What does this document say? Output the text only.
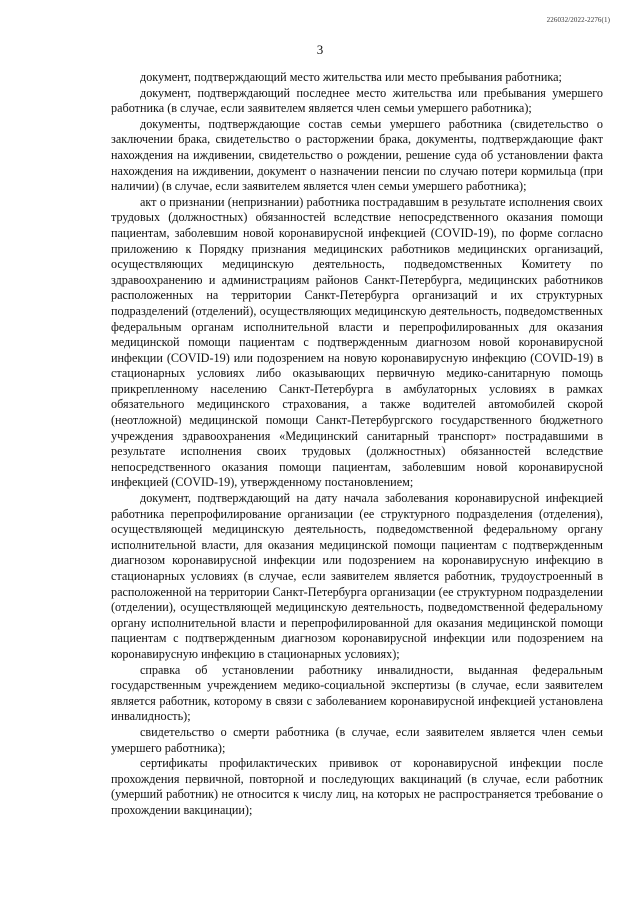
226032/2022-2276(1)
3

документ, подтверждающий место жительства или место пребывания работника;

документ, подтверждающий последнее место жительства или пребывания умершего работника (в случае, если заявителем является член семьи умершего работника);

документы, подтверждающие состав семьи умершего работника (свидетельство о заключении брака, свидетельство о расторжении брака, документы, подтверждающие факт нахождения на иждивении, свидетельство о рождении, решение суда об установлении факта нахождения на иждивении, документ о назначении пенсии по случаю потери кормильца (при наличии) (в случае, если заявителем является член семьи умершего работника);

акт о признании (непризнании) работника пострадавшим в результате исполнения своих трудовых (должностных) обязанностей вследствие непосредственного оказания помощи пациентам, заболевшим новой коронавирусной инфекцией (COVID-19), по форме согласно приложению к Порядку признания медицинских работников медицинских организаций, осуществляющих медицинскую деятельность, подведомственных Комитету по здравоохранению и администрациям районов Санкт-Петербурга, медицинских работников расположенных на территории Санкт-Петербурга организаций и их структурных подразделений (отделений), осуществляющих медицинскую деятельность, подведомственных федеральным органам исполнительной власти и перепрофилированных для оказания медицинской помощи пациентам с подтвержденным диагнозом новой коронавирусной инфекции (COVID-19) или подозрением на новую коронавирусную инфекцию (COVID-19) в стационарных условиях либо оказывающих первичную медико-санитарную помощь прикрепленному населению Санкт-Петербурга в амбулаторных условиях в рамках обязательного медицинского страхования, а также водителей автомобилей скорой (неотложной) медицинской помощи Санкт-Петербургского государственного бюджетного учреждения здравоохранения «Медицинский санитарный транспорт» пострадавшими в результате исполнения своих трудовых (должностных) обязанностей вследствие непосредственного оказания помощи пациентам, заболевшим новой коронавирусной инфекцией (COVID-19), утвержденному постановлением;

документ, подтверждающий на дату начала заболевания коронавирусной инфекцией работника перепрофилирование организации (ее структурного подразделения (отделения), осуществляющей медицинскую деятельность, подведомственной федеральному органу исполнительной власти, для оказания медицинской помощи пациентам с подтвержденным диагнозом коронавирусной инфекции или подозрением на коронавирусную инфекцию в стационарных условиях (в случае, если заявителем является работник, трудоустроенный в расположенной на территории Санкт-Петербурга организации (ее структурном подразделении (отделении), осуществляющей медицинскую деятельность, подведомственной федеральному органу исполнительной власти и перепрофилированной для оказания медицинской помощи пациентам с подтвержденным диагнозом коронавирусной инфекции или подозрением на коронавирусную инфекцию в стационарных условиях);

справка об установлении работнику инвалидности, выданная федеральным государственным учреждением медико-социальной экспертизы (в случае, если заявителем является работник, которому в связи с заболеванием коронавирусной инфекцией установлена инвалидность);

свидетельство о смерти работника (в случае, если заявителем является член семьи умершего работника);

сертификаты профилактических прививок от коронавирусной инфекции после прохождения первичной, повторной и последующих вакцинаций (в случае, если работник (умерший работник) не относится к числу лиц, на которых не распространяется требование о прохождении вакцинации);
